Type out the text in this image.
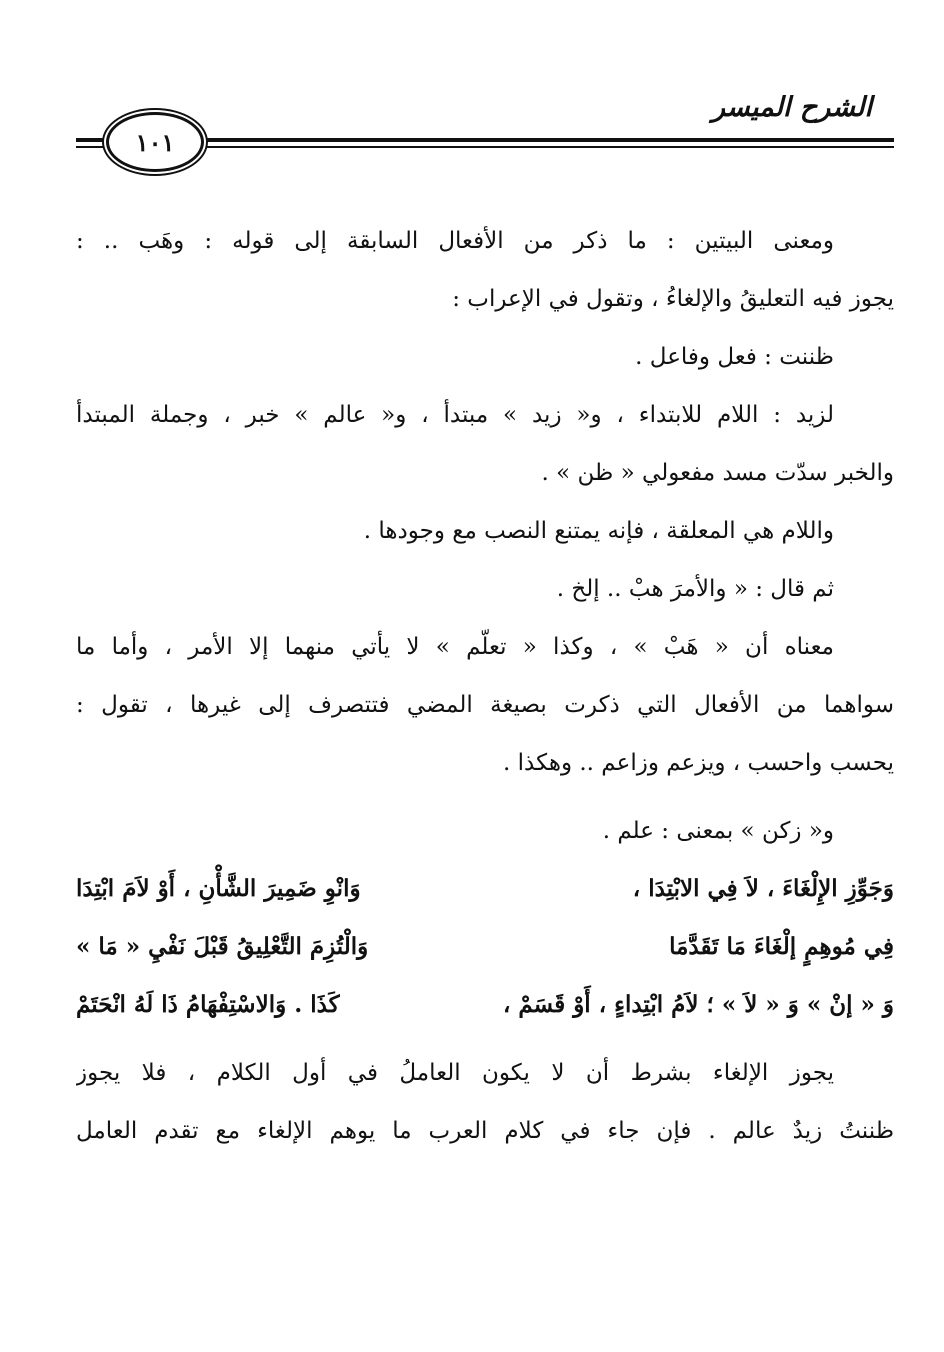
الشرح الميسر
١٠١

ومعنى البيتين : ما ذكر من الأفعال السابقة إلى قوله : وهَب .. :

يجوز فيه التعليقُ والإلغاءُ ، وتقول في الإعراب :

ظننت : فعل وفاعل .

لزيد : اللام للابتداء ، و« زيد » مبتدأ ، و« عالم » خبر ، وجملة المبتدأ

والخبر سدّت مسد مفعولي « ظن » .

واللام هي المعلقة ، فإنه يمتنع النصب مع وجودها .

ثم قال : « والأمرَ هبْ .. إلخ .

معناه أن « هَبْ » ، وكذا « تعلّم » لا يأتي منهما إلا الأمر ، وأما ما

سواهما من الأفعال التي ذكرت بصيغة المضي فتتصرف إلى غيرها ، تقول :

يحسب واحسب ، ويزعم وزاعم .. وهكذا .

و« زكن » بمعنى : علم .

وَجَوِّزِ الإِلْغَاءَ ، لاَ فِي الابْتِدَا ،
وَانْوِ ضَمِيرَ الشَّأْنِ ، أَوْ لاَمَ ابْتِدَا
فِي مُوهِمٍ إلْغَاءَ مَا تَقَدَّمَا
وَالْتُزِمَ التَّعْلِيقُ قَبْلَ نَفْيِ « مَا »
وَ « إنْ » وَ « لاَ » ؛ لاَمُ ابْتِداءٍ ، أَوْ قَسَمْ ،
كَذَا . وَالاسْتِفْهَامُ ذَا لَهُ انْحَتَمْ

يجوز الإلغاء بشرط أن لا يكون العاملُ في أول الكلام ، فلا يجوز

ظننتُ زيدٌ عالم . فإن جاء في كلام العرب ما يوهم الإلغاء مع تقدم العامل
